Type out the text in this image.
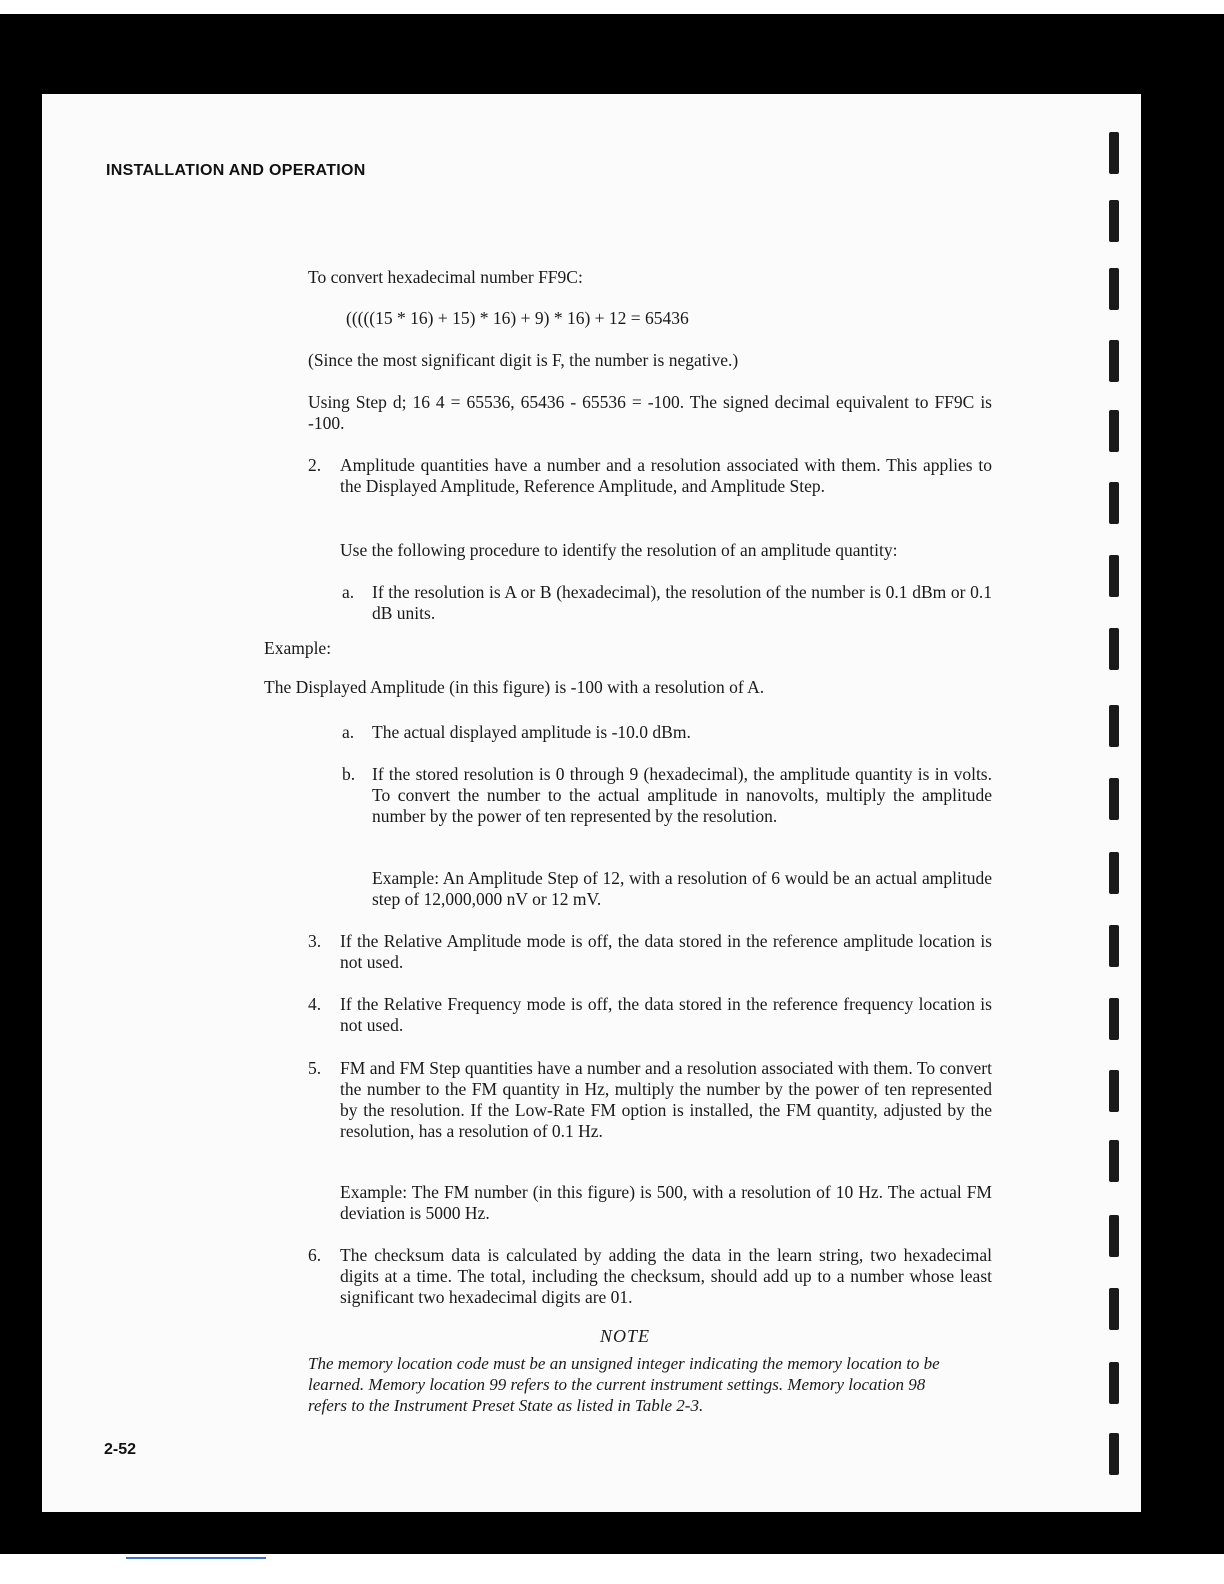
INSTALLATION AND OPERATION
To convert hexadecimal number FF9C:
(((((15 * 16) + 15) * 16) + 9) * 16) + 12 = 65436
(Since the most significant digit is F, the number is negative.)
Using Step d; 16 4 = 65536, 65436 - 65536 = -100. The signed decimal equivalent to FF9C is -100.
2. Amplitude quantities have a number and a resolution associated with them. This applies to the Displayed Amplitude, Reference Amplitude, and Amplitude Step.
Use the following procedure to identify the resolution of an amplitude quantity:
a. If the resolution is A or B (hexadecimal), the resolution of the number is 0.1 dBm or 0.1 dB units.
Example:
The Displayed Amplitude (in this figure) is -100 with a resolution of A.
a. The actual displayed amplitude is -10.0 dBm.
b. If the stored resolution is 0 through 9 (hexadecimal), the amplitude quantity is in volts. To convert the number to the actual amplitude in nanovolts, multiply the amplitude number by the power of ten represented by the resolution.
Example: An Amplitude Step of 12, with a resolution of 6 would be an actual amplitude step of 12,000,000 nV or 12 mV.
3. If the Relative Amplitude mode is off, the data stored in the reference amplitude location is not used.
4. If the Relative Frequency mode is off, the data stored in the reference frequency location is not used.
5. FM and FM Step quantities have a number and a resolution associated with them. To convert the number to the FM quantity in Hz, multiply the number by the power of ten represented by the resolution. If the Low-Rate FM option is installed, the FM quantity, adjusted by the resolution, has a resolution of 0.1 Hz.
Example: The FM number (in this figure) is 500, with a resolution of 10 Hz. The actual FM deviation is 5000 Hz.
6. The checksum data is calculated by adding the data in the learn string, two hexadecimal digits at a time. The total, including the checksum, should add up to a number whose least significant two hexadecimal digits are 01.
NOTE
The memory location code must be an unsigned integer indicating the memory location to be learned. Memory location 99 refers to the current instrument settings. Memory location 98 refers to the Instrument Preset State as listed in Table 2-3.
2-52
